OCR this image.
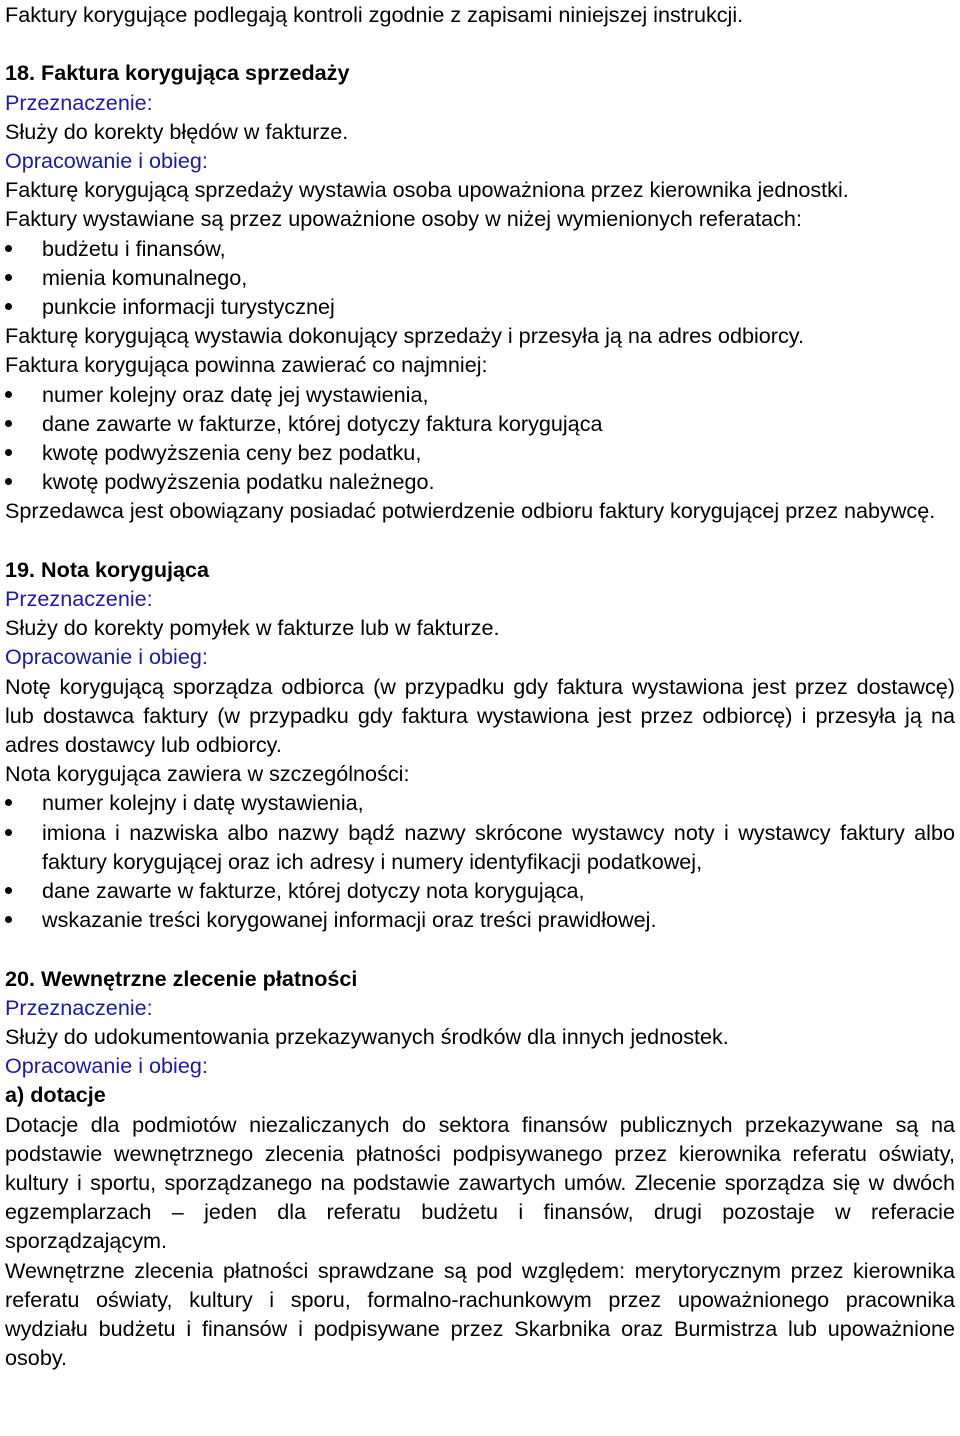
Faktury korygujące podlegają kontroli zgodnie z zapisami niniejszej instrukcji.

18. Faktura korygująca sprzedaży

Przeznaczenie:

Służy do korekty błędów w fakturze.

Opracowanie i obieg:

Fakturę korygującą sprzedaży wystawia osoba upoważniona przez kierownika jednostki.

Faktury wystawiane są przez upoważnione osoby w niżej wymienionych referatach:

budżetu i finansów,
mienia komunalnego,
punkcie informacji turystycznej

Fakturę korygującą wystawia dokonujący sprzedaży i przesyła ją na adres odbiorcy.

Faktura korygująca powinna zawierać co najmniej:

numer kolejny oraz datę jej wystawienia,
dane zawarte w fakturze, której dotyczy faktura korygująca
kwotę podwyższenia ceny bez podatku,
kwotę podwyższenia podatku należnego.

Sprzedawca jest obowiązany posiadać potwierdzenie odbioru faktury korygującej przez nabywcę.

19. Nota korygująca

Przeznaczenie:

Służy do korekty pomyłek w fakturze lub w fakturze.

Opracowanie i obieg:

Notę korygującą sporządza odbiorca (w przypadku gdy faktura wystawiona jest przez dostawcę) lub dostawca faktury (w przypadku gdy faktura wystawiona jest przez odbiorcę) i przesyła ją na adres dostawcy lub odbiorcy.

Nota korygująca zawiera w szczególności:

numer kolejny i datę wystawienia,
imiona i nazwiska albo nazwy bądź nazwy skrócone wystawcy noty i wystawcy faktury albo faktury korygującej oraz ich adresy i numery identyfikacji podatkowej,
dane zawarte w fakturze, której dotyczy nota korygująca,
wskazanie treści korygowanej informacji oraz treści prawidłowej.

20. Wewnętrzne zlecenie płatności

Przeznaczenie:

Służy do udokumentowania przekazywanych środków dla innych jednostek.

Opracowanie i obieg:

a) dotacje

Dotacje dla podmiotów niezaliczanych do sektora finansów publicznych przekazywane są na podstawie wewnętrznego zlecenia płatności podpisywanego przez kierownika referatu oświaty, kultury i sportu, sporządzanego na podstawie zawartych umów. Zlecenie sporządza się w dwóch egzemplarzach – jeden dla referatu budżetu i finansów, drugi pozostaje w referacie sporządzającym.

Wewnętrzne zlecenia płatności sprawdzane są pod względem: merytorycznym przez kierownika referatu oświaty, kultury i sporu, formalno-rachunkowym przez upoważnionego pracownika wydziału budżetu i finansów i podpisywane przez Skarbnika oraz Burmistrza lub upoważnione osoby.
